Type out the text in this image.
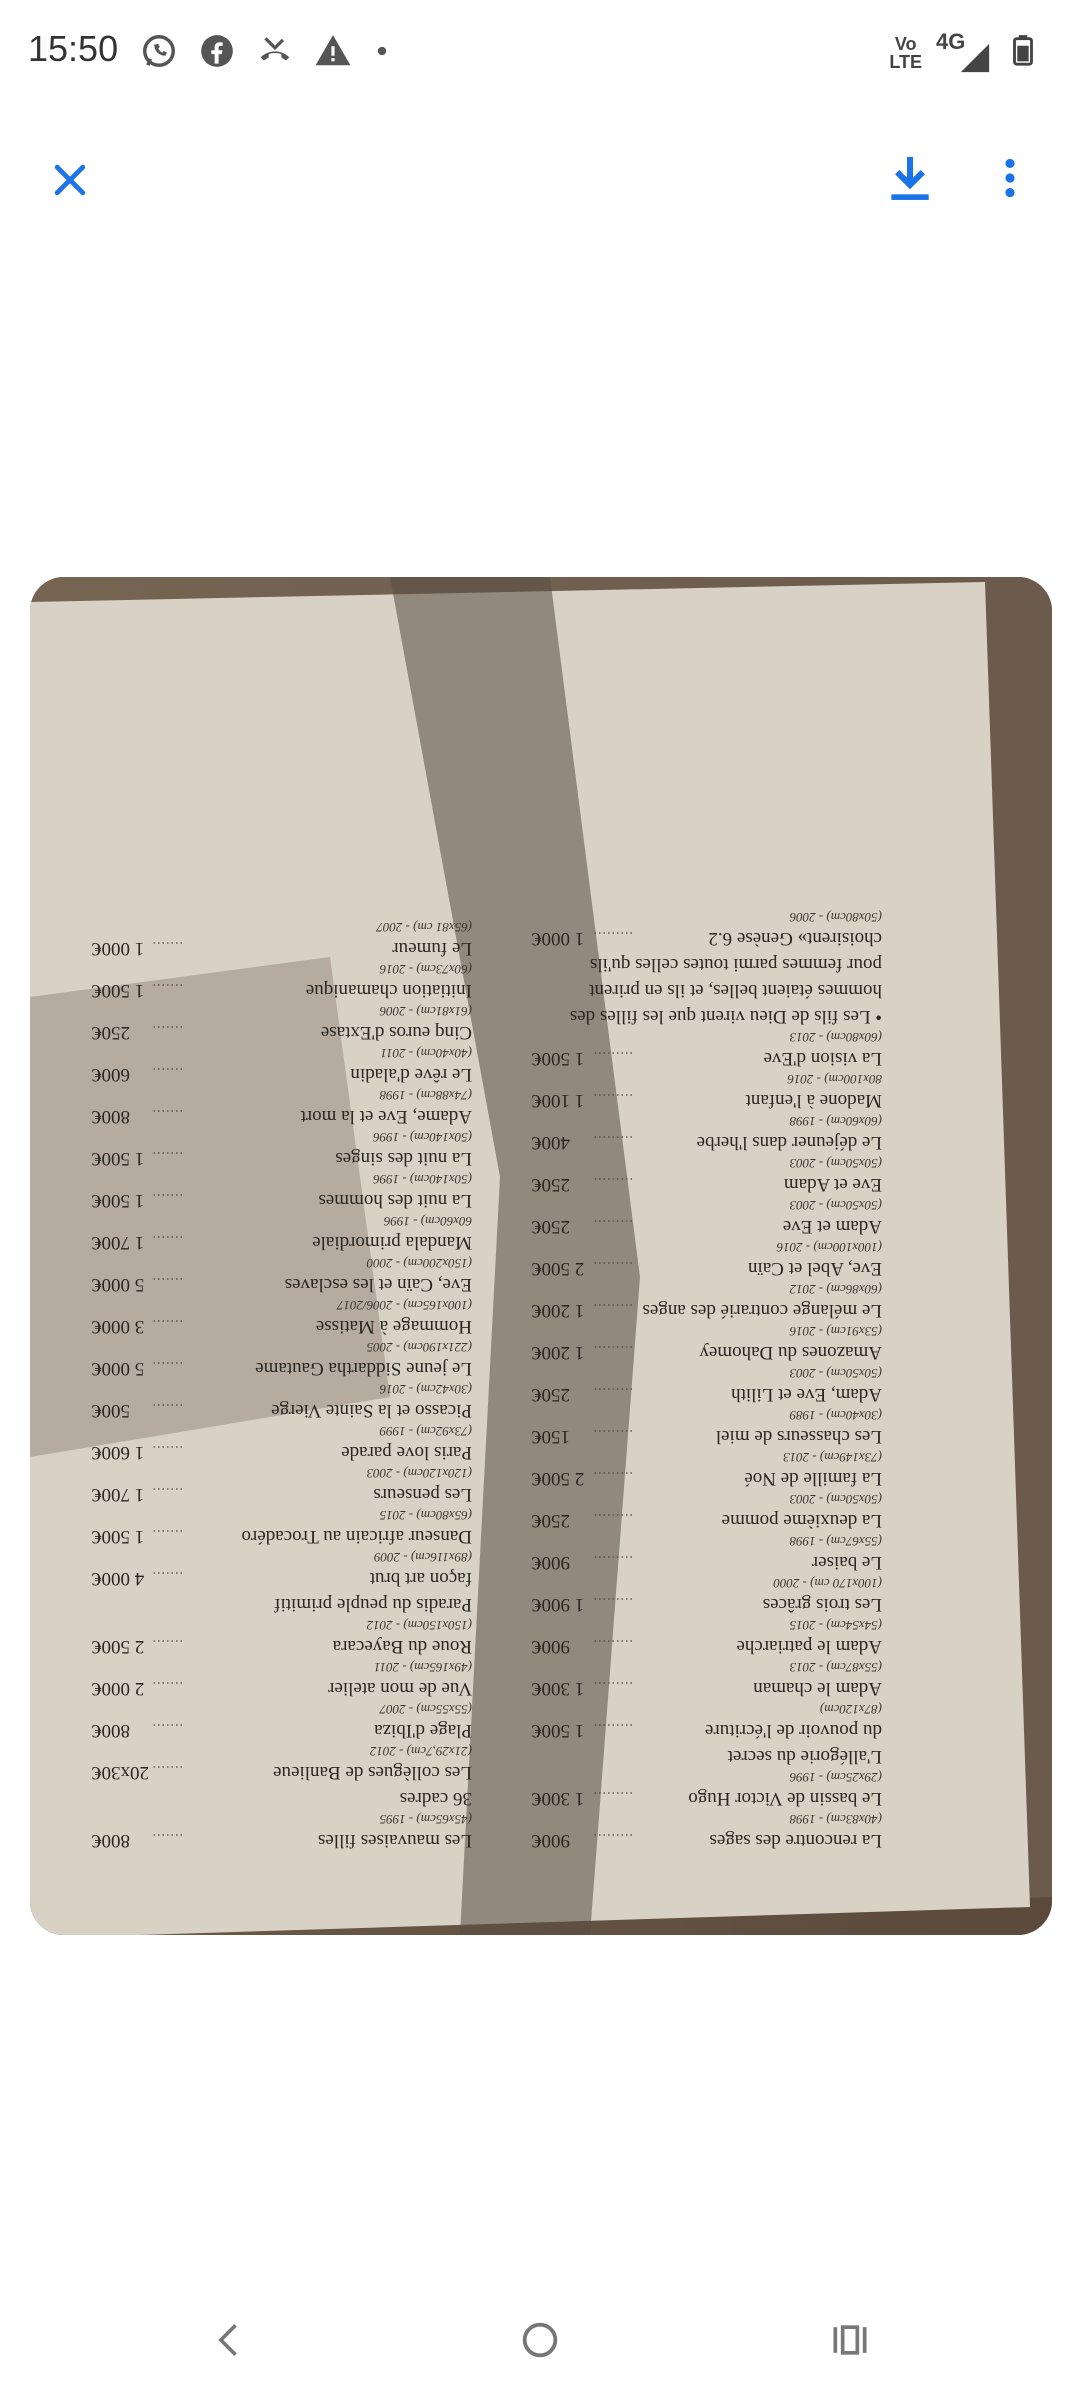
15:50	Vo
LTE
4G
La rencontre des sages
900€
(40x83cm) - 1998
Le bassin de Victor Hugo
1 300€
(29x25cm) - 1996
L'allégorie du secret
du pouvoir de l'écriture
1 500€
(87x120cm)
Adam le chaman
1 300€
(55x87cm) - 2013
Adam le patriarche
900€
(54x54cm) - 2015
Les trois grâces
1 900€
(100x170 cm) - 2000
Le baiser
900€
(55x67cm) - 1998
La deuxième pomme
250€
(50x50cm) - 2003
La famille de Noé
2 500€
(73x149cm) - 2013
Les chasseurs de miel
150€
(30x40cm) - 1989
Adam, Eve et Lilith
250€
(50x50cm) - 2003
Amazones du Dahomey
1 200€
(53x91cm) - 2016
Le mélange contrarié des anges
1 200€
(60x86cm) - 2012
Eve, Abel et Caïn
2 500€
(100x100cm) - 2016
Adam et Eve
250€
(50x50cm) - 2003
Eve et Adam
250€
(50x50cm) - 2003
Le déjeuner dans l'herbe
400€
(60x60cm) - 1998
Madone à l'enfant
1 100€
80x100cm) - 2016
La vision d'Eve
1 500€
(60x80cm) - 2013
• Les fils de Dieu virent que les filles des
hommes étaient belles, et ils en prirent
pour femmes parmi toutes celles qu'ils
choisirent» Genèse 6.2
1 000€
(50x80cm) - 2006
Les mauvaises filles
800€
(45x65cm) - 1995
36 cadres
Les collègues de Banlieue
20x30€
(21x29,7cm) - 2012
Plage d'Ibiza
800€
(55x55cm) - 2007
Vue de mon atelier
2 000€
(49x165cm) - 2011
Roue du Bayecara
2 500€
(150x150cm) - 2012
Paradis du peuple primitif
façon art brut
4 000€
(89x116cm) - 2009
Danseur africain au Trocadéro
1 500€
(65x80cm) - 2015
Les penseurs
1 700€
(120x120cm) - 2003
Paris love parade
1 600€
(73x92cm) - 1999
Picasso et la Sainte Vierge
500€
(30x42cm) - 2016
Le jeune Siddartha Gautame
5 000€
(221x190cm) - 2005
Hommage à Matisse
3 000€
(100x165cm) - 2006/2017
Eve, Caïn et les esclaves
5 000€
(150x200cm) - 2000
Mandala primordiale
1 700€
60x60cm) - 1996
La nuit des hommes
1 500€
(50x140cm) - 1996
La nuit des singes
1 500€
(50x140cm) - 1996
Adame, Eve et la mort
800€
(74x88cm) - 1998
Le rêve d'aladin
600€
(40x40cm) - 2011
Cinq euros d'Extase
250€
(61x81cm) - 2006
Initiation chamanique
1 500€
(60x73cm) - 2016
Le fumeur
1 000€
(65x81 cm) - 2007
